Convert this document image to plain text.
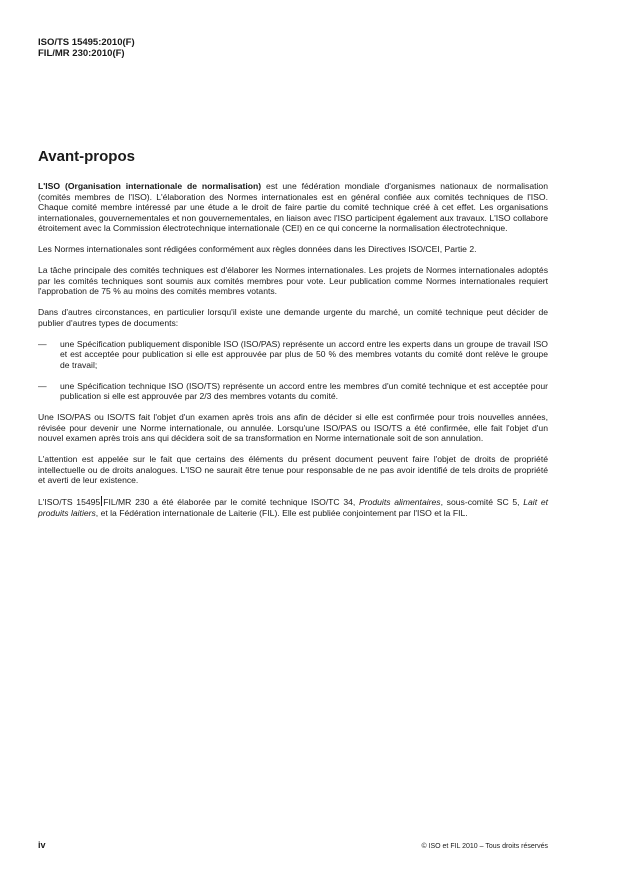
ISO/TS 15495:2010(F)
FIL/MR 230:2010(F)
Avant-propos

L'ISO (Organisation internationale de normalisation) est une fédération mondiale d'organismes nationaux de normalisation (comités membres de l'ISO). L'élaboration des Normes internationales est en général confiée aux comités techniques de l'ISO. Chaque comité membre intéressé par une étude a le droit de faire partie du comité technique créé à cet effet. Les organisations internationales, gouvernementales et non gouvernementales, en liaison avec l'ISO participent également aux travaux. L'ISO collabore étroitement avec la Commission électrotechnique internationale (CEI) en ce qui concerne la normalisation électrotechnique.

Les Normes internationales sont rédigées conformément aux règles données dans les Directives ISO/CEI, Partie 2.

La tâche principale des comités techniques est d'élaborer les Normes internationales. Les projets de Normes internationales adoptés par les comités techniques sont soumis aux comités membres pour vote. Leur publication comme Normes internationales requiert l'approbation de 75 % au moins des comités membres votants.

Dans d'autres circonstances, en particulier lorsqu'il existe une demande urgente du marché, un comité technique peut décider de publier d'autres types de documents:

—	une Spécification publiquement disponible ISO (ISO/PAS) représente un accord entre les experts dans un groupe de travail ISO et est acceptée pour publication si elle est approuvée par plus de 50 % des membres votants du comité dont relève le groupe de travail;
—	une Spécification technique ISO (ISO/TS) représente un accord entre les membres d'un comité technique et est acceptée pour publication si elle est approuvée par 2/3 des membres votants du comité.

Une ISO/PAS ou ISO/TS fait l'objet d'un examen après trois ans afin de décider si elle est confirmée pour trois nouvelles années, révisée pour devenir une Norme internationale, ou annulée. Lorsqu'une ISO/PAS ou ISO/TS a été confirmée, elle fait l'objet d'un nouvel examen après trois ans qui décidera soit de sa transformation en Norme internationale soit de son annulation.

L'attention est appelée sur le fait que certains des éléments du présent document peuvent faire l'objet de droits de propriété intellectuelle ou de droits analogues. L'ISO ne saurait être tenue pour responsable de ne pas avoir identifié de tels droits de propriété et averti de leur existence.

L'ISO/TS 15495 FIL/MR 230 a été élaborée par le comité technique ISO/TC 34, Produits alimentaires, sous-comité SC 5, Lait et produits laitiers, et la Fédération internationale de Laiterie (FIL). Elle est publiée conjointement par l'ISO et la FIL.

iv	© ISO et FIL 2010 – Tous droits réservés
